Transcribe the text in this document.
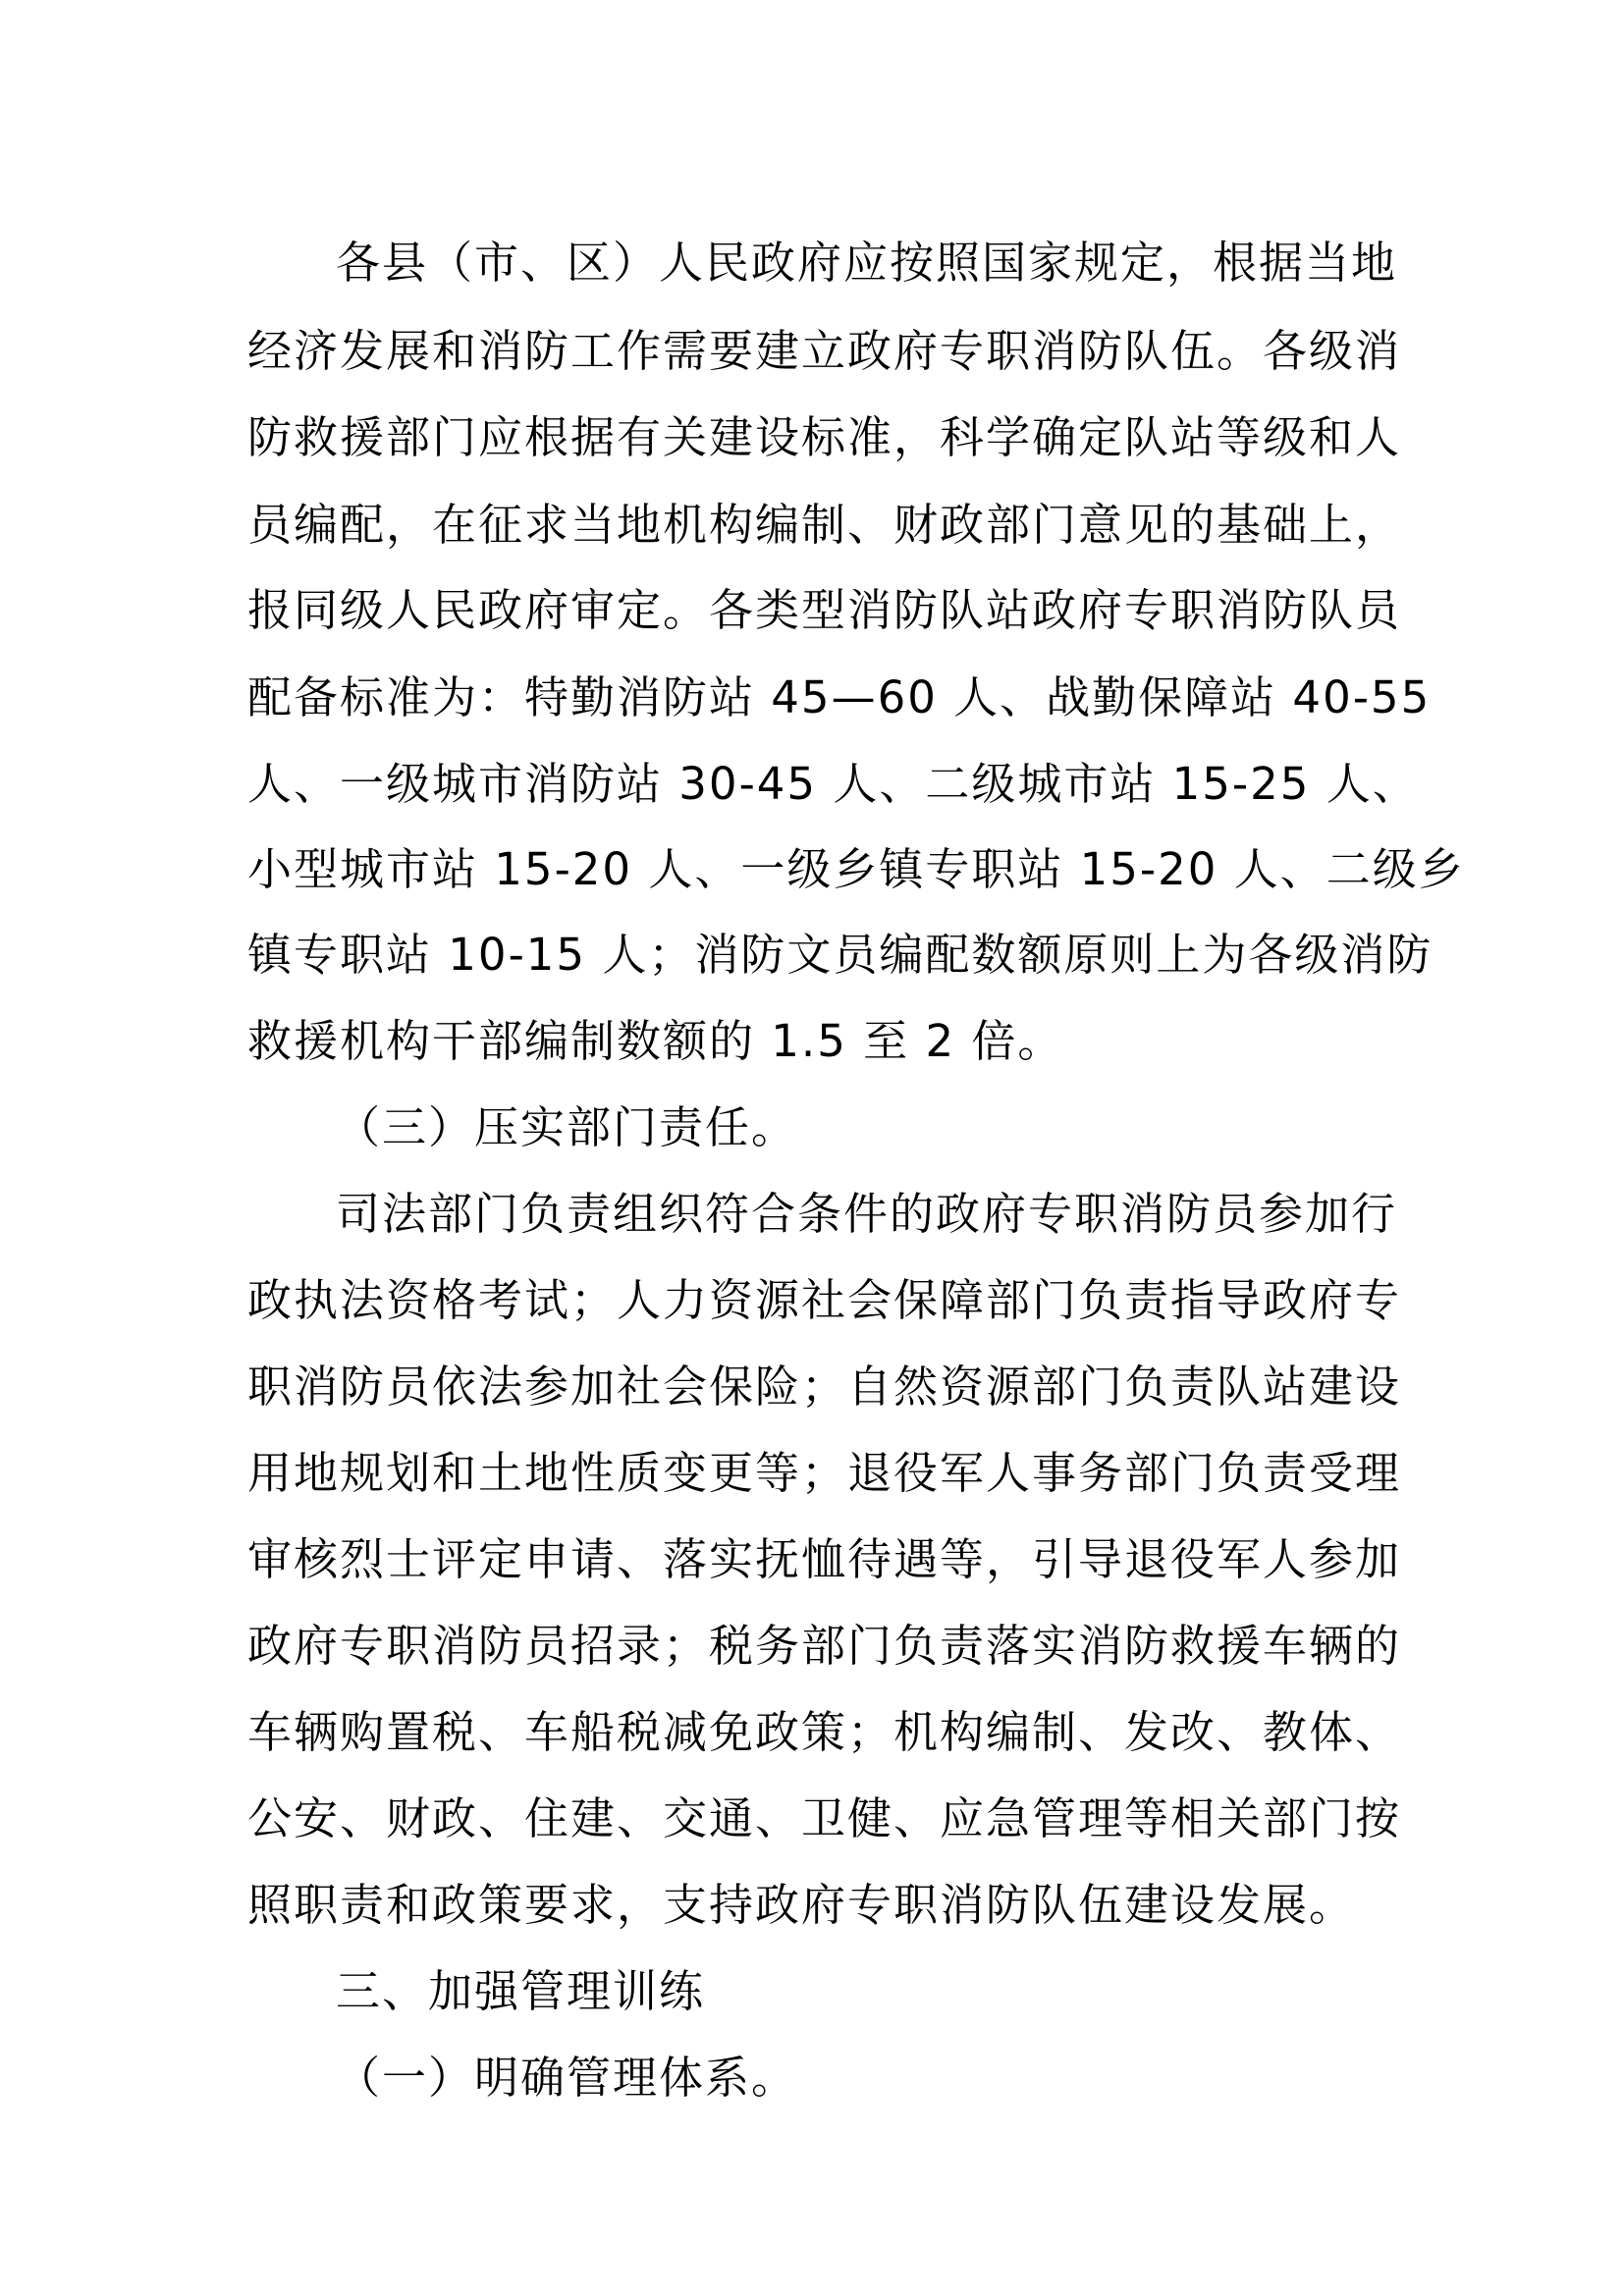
各县（市、区）人民政府应按照国家规定，根据当地
经济发展和消防工作需要建立政府专职消防队伍。各级消
防救援部门应根据有关建设标准，科学确定队站等级和人
员编配，在征求当地机构编制、财政部门意见的基础上，
报同级人民政府审定。各类型消防队站政府专职消防队员
配备标准为：特勤消防站 45—60 人、战勤保障站 40-55
人、一级城市消防站 30-45 人、二级城市站 15-25 人、
小型城市站 15-20 人、一级乡镇专职站 15-20 人、二级乡
镇专职站 10-15 人；消防文员编配数额原则上为各级消防
救援机构干部编制数额的 1.5 至 2 倍。
（三）压实部门责任。
司法部门负责组织符合条件的政府专职消防员参加行
政执法资格考试；人力资源社会保障部门负责指导政府专
职消防员依法参加社会保险；自然资源部门负责队站建设
用地规划和土地性质变更等；退役军人事务部门负责受理
审核烈士评定申请、落实抚恤待遇等，引导退役军人参加
政府专职消防员招录；税务部门负责落实消防救援车辆的
车辆购置税、车船税减免政策；机构编制、发改、教体、
公安、财政、住建、交通、卫健、应急管理等相关部门按
照职责和政策要求，支持政府专职消防队伍建设发展。
三、加强管理训练
（一）明确管理体系。
